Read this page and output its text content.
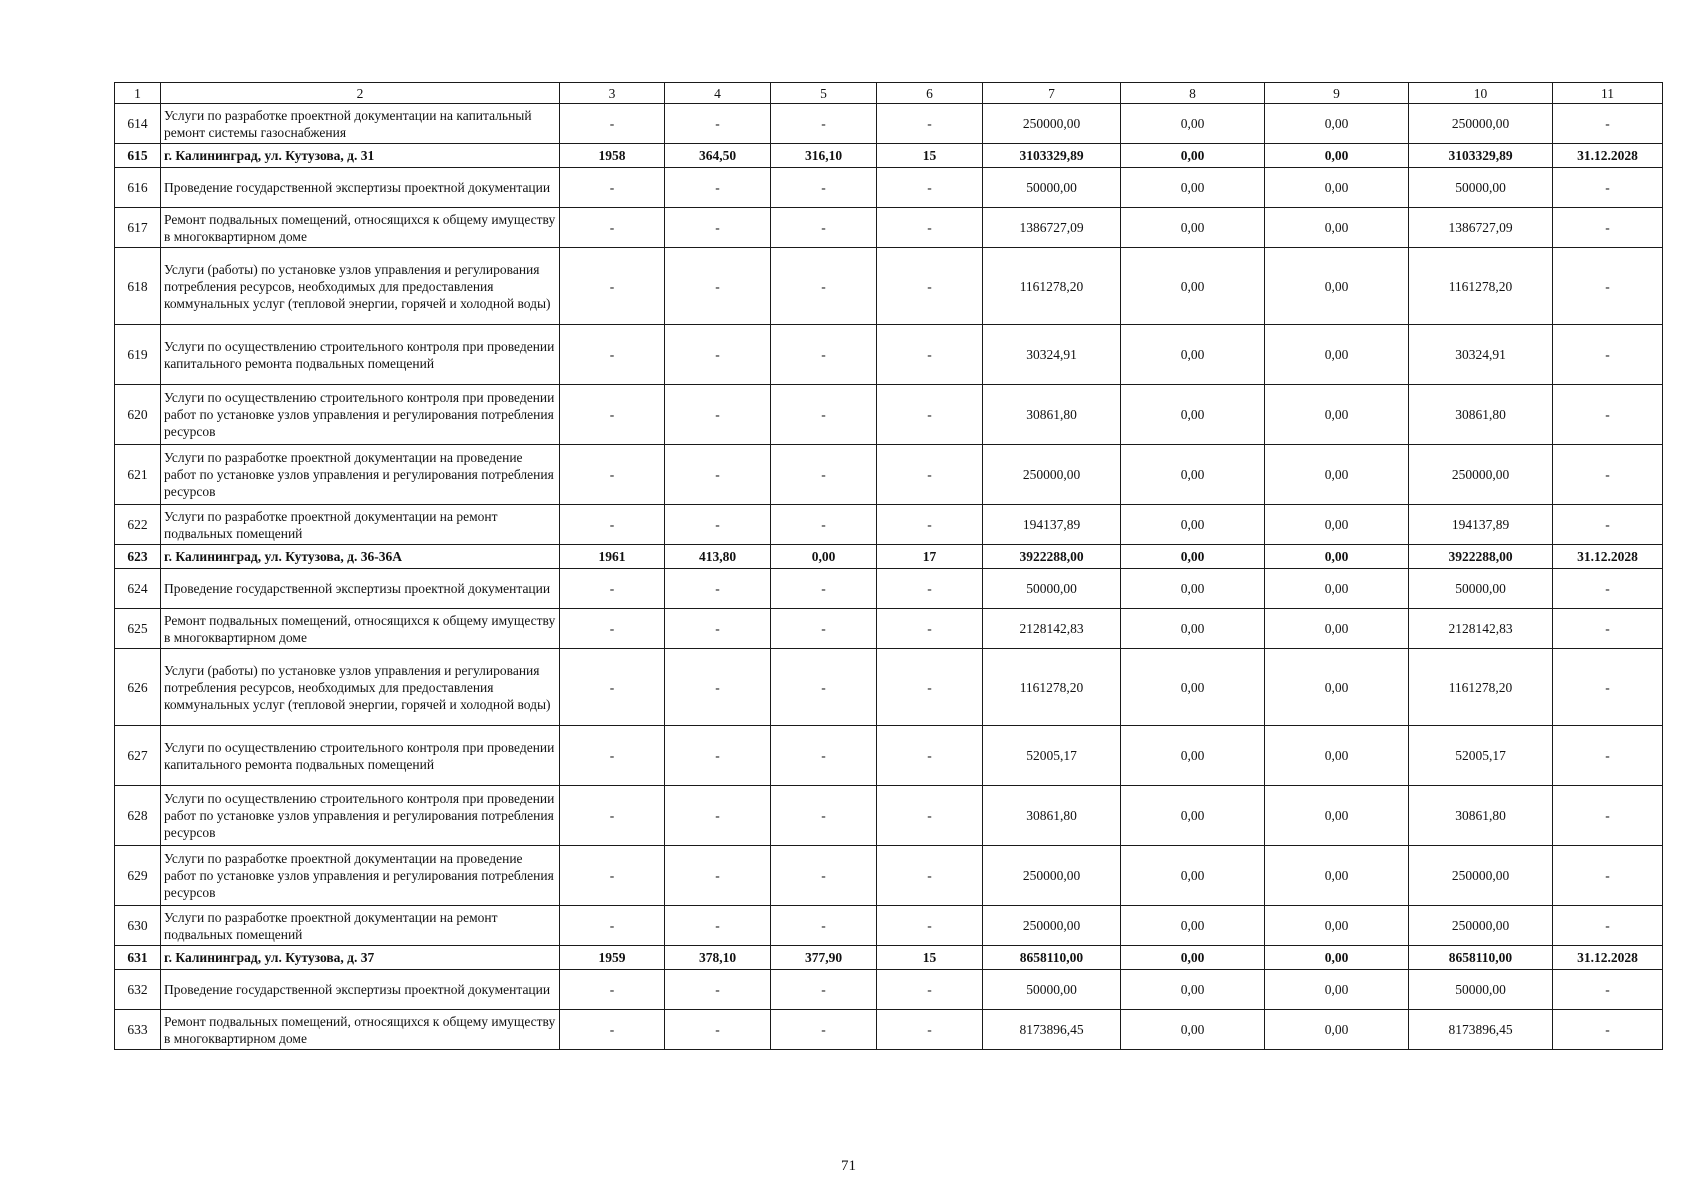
1	2	3	4	5	6	7	8	9	10	11
614	Услуги по разработке проектной документации на капитальный ремонт системы газоснабжения	-	-	-	-	250000,00	0,00	0,00	250000,00	-
615	г. Калининград, ул. Кутузова, д. 31	1958	364,50	316,10	15	3103329,89	0,00	0,00	3103329,89	31.12.2028
616	Проведение государственной экспертизы проектной документации	-	-	-	-	50000,00	0,00	0,00	50000,00	-
617	Ремонт подвальных помещений, относящихся к общему имуществу в многоквартирном доме	-	-	-	-	1386727,09	0,00	0,00	1386727,09	-
618	Услуги (работы) по установке узлов управления и регулирования потребления ресурсов, необходимых для предоставления коммунальных услуг (тепловой энергии, горячей и холодной воды)	-	-	-	-	1161278,20	0,00	0,00	1161278,20	-
619	Услуги по осуществлению строительного контроля при проведении капитального ремонта подвальных помещений	-	-	-	-	30324,91	0,00	0,00	30324,91	-
620	Услуги по осуществлению строительного контроля при проведении работ по установке узлов управления и регулирования потребления ресурсов	-	-	-	-	30861,80	0,00	0,00	30861,80	-
621	Услуги по разработке проектной документации на проведение работ по установке узлов управления и регулирования потребления ресурсов	-	-	-	-	250000,00	0,00	0,00	250000,00	-
622	Услуги по разработке проектной документации на ремонт подвальных помещений	-	-	-	-	194137,89	0,00	0,00	194137,89	-
623	г. Калининград, ул. Кутузова, д. 36-36А	1961	413,80	0,00	17	3922288,00	0,00	0,00	3922288,00	31.12.2028
624	Проведение государственной экспертизы проектной документации	-	-	-	-	50000,00	0,00	0,00	50000,00	-
625	Ремонт подвальных помещений, относящихся к общему имуществу в многоквартирном доме	-	-	-	-	2128142,83	0,00	0,00	2128142,83	-
626	Услуги (работы) по установке узлов управления и регулирования потребления ресурсов, необходимых для предоставления коммунальных услуг (тепловой энергии, горячей и холодной воды)	-	-	-	-	1161278,20	0,00	0,00	1161278,20	-
627	Услуги по осуществлению строительного контроля при проведении капитального ремонта подвальных помещений	-	-	-	-	52005,17	0,00	0,00	52005,17	-
628	Услуги по осуществлению строительного контроля при проведении работ по установке узлов управления и регулирования потребления ресурсов	-	-	-	-	30861,80	0,00	0,00	30861,80	-
629	Услуги по разработке проектной документации на проведение работ по установке узлов управления и регулирования потребления ресурсов	-	-	-	-	250000,00	0,00	0,00	250000,00	-
630	Услуги по разработке проектной документации на ремонт подвальных помещений	-	-	-	-	250000,00	0,00	0,00	250000,00	-
631	г. Калининград, ул. Кутузова, д. 37	1959	378,10	377,90	15	8658110,00	0,00	0,00	8658110,00	31.12.2028
632	Проведение государственной экспертизы проектной документации	-	-	-	-	50000,00	0,00	0,00	50000,00	-
633	Ремонт подвальных помещений, относящихся к общему имуществу в многоквартирном доме	-	-	-	-	8173896,45	0,00	0,00	8173896,45	-
71
